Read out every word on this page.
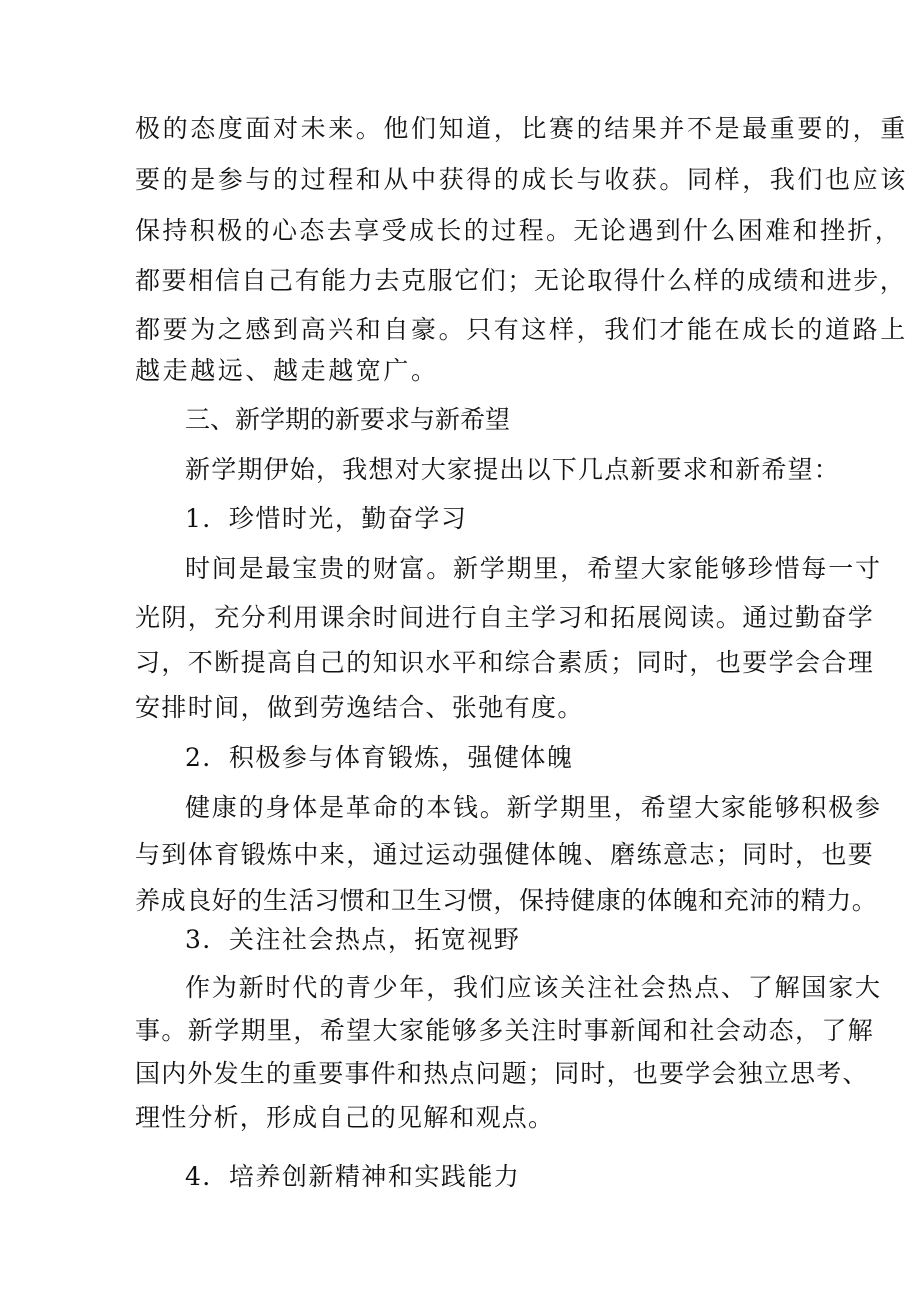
极的态度面对未来。他们知道，比赛的结果并不是最重要的，重
要的是参与的过程和从中获得的成长与收获。同样，我们也应该
保持积极的心态去享受成长的过程。无论遇到什么困难和挫折，
都要相信自己有能力去克服它们；无论取得什么样的成绩和进步，
都要为之感到高兴和自豪。只有这样，我们才能在成长的道路上
越走越远、越走越宽广。
三、新学期的新要求与新希望
新学期伊始，我想对大家提出以下几点新要求和新希望：
1．珍惜时光，勤奋学习
时间是最宝贵的财富。新学期里，希望大家能够珍惜每一寸
光阴，充分利用课余时间进行自主学习和拓展阅读。通过勤奋学
习，不断提高自己的知识水平和综合素质；同时，也要学会合理
安排时间，做到劳逸结合、张弛有度。
2．积极参与体育锻炼，强健体魄
健康的身体是革命的本钱。新学期里，希望大家能够积极参
与到体育锻炼中来，通过运动强健体魄、磨练意志；同时，也要
养成良好的生活习惯和卫生习惯，保持健康的体魄和充沛的精力。
3．关注社会热点，拓宽视野
作为新时代的青少年，我们应该关注社会热点、了解国家大
事。新学期里，希望大家能够多关注时事新闻和社会动态，了解
国内外发生的重要事件和热点问题；同时，也要学会独立思考、
理性分析，形成自己的见解和观点。
4．培养创新精神和实践能力
